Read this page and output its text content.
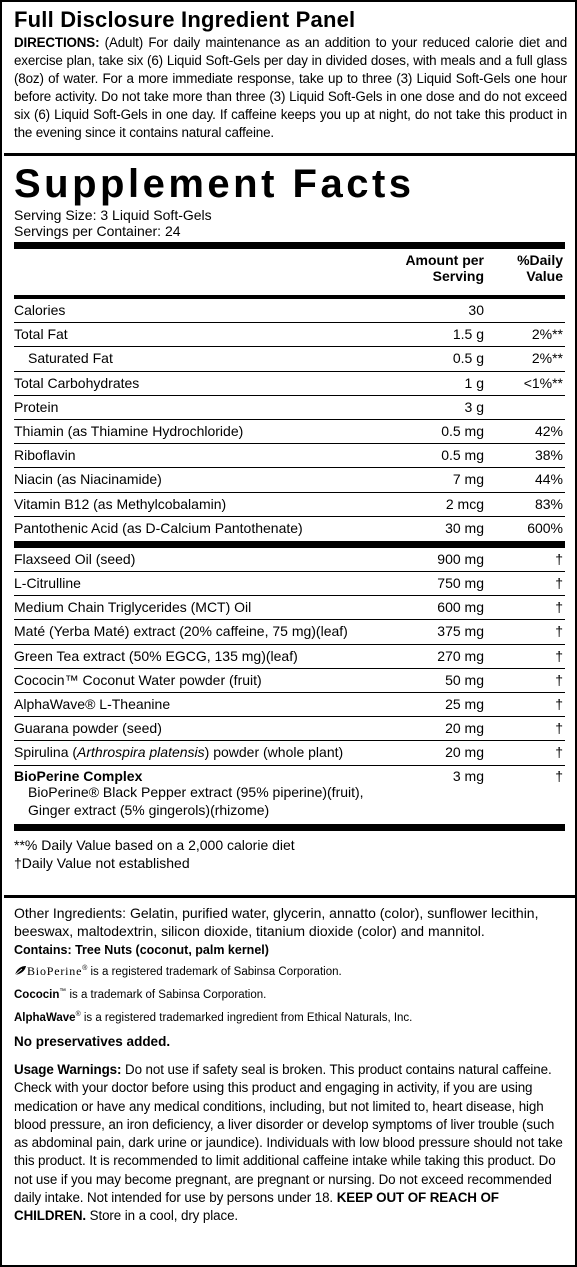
Full Disclosure Ingredient Panel

DIRECTIONS: (Adult) For daily maintenance as an addition to your reduced calorie diet and exercise plan, take six (6) Liquid Soft-Gels per day in divided doses, with meals and a full glass (8oz) of water. For a more immediate response, take up to three (3) Liquid Soft-Gels one hour before activity. Do not take more than three (3) Liquid Soft-Gels in one dose and do not exceed six (6) Liquid Soft-Gels in one day. If caffeine keeps you up at night, do not take this product in the evening since it contains natural caffeine.

Supplement Facts
Serving Size: 3 Liquid Soft-Gels
Servings per Container: 24
Amount per
Serving
%Daily
Value
Calories	30
Total Fat	1.5 g	2%**
Saturated Fat	0.5 g	2%**
Total Carbohydrates	1 g	<1%**
Protein	3 g
Thiamin (as Thiamine Hydrochloride)	0.5 mg	42%
Riboflavin	0.5 mg	38%
Niacin (as Niacinamide)	7 mg	44%
Vitamin B12 (as Methylcobalamin)	2 mcg	83%
Pantothenic Acid (as D-Calcium Pantothenate)	30 mg	600%
Flaxseed Oil (seed)	900 mg	†
L-Citrulline	750 mg	†
Medium Chain Triglycerides (MCT) Oil	600 mg	†
Maté (Yerba Maté) extract (20% caffeine, 75 mg)(leaf)	375 mg	†
Green Tea extract (50% EGCG, 135 mg)(leaf)	270 mg	†
Cococin™ Coconut Water powder (fruit)	50 mg	†
AlphaWave® L-Theanine	25 mg	†
Guarana powder (seed)	20 mg	†
Spirulina (Arthrospira platensis) powder (whole plant)	20 mg	†
BioPerine Complex	3 mg	†
BioPerine® Black Pepper extract (95% piperine)(fruit),
Ginger extract (5% gingerols)(rhizome)
**% Daily Value based on a 2,000 calorie diet
†Daily Value not established

Other Ingredients: Gelatin, purified water, glycerin, annatto (color), sunflower lecithin, beeswax, maltodextrin, silicon dioxide, titanium dioxide (color) and mannitol.

Contains: Tree Nuts (coconut, palm kernel)

BioPerine® is a registered trademark of Sabinsa Corporation.

Cococin™ is a trademark of Sabinsa Corporation.

AlphaWave® is a registered trademarked ingredient from Ethical Naturals, Inc.

No preservatives added.

Usage Warnings: Do not use if safety seal is broken. This product contains natural caffeine. Check with your doctor before using this product and engaging in activity, if you are using medication or have any medical conditions, including, but not limited to, heart disease, high blood pressure, an iron deficiency, a liver disorder or develop symptoms of liver trouble (such as abdominal pain, dark urine or jaundice). Individuals with low blood pressure should not take this product. It is recommended to limit additional caffeine intake while taking this product. Do not use if you may become pregnant, are pregnant or nursing. Do not exceed recommended daily intake. Not intended for use by persons under 18. KEEP OUT OF REACH OF CHILDREN. Store in a cool, dry place.
